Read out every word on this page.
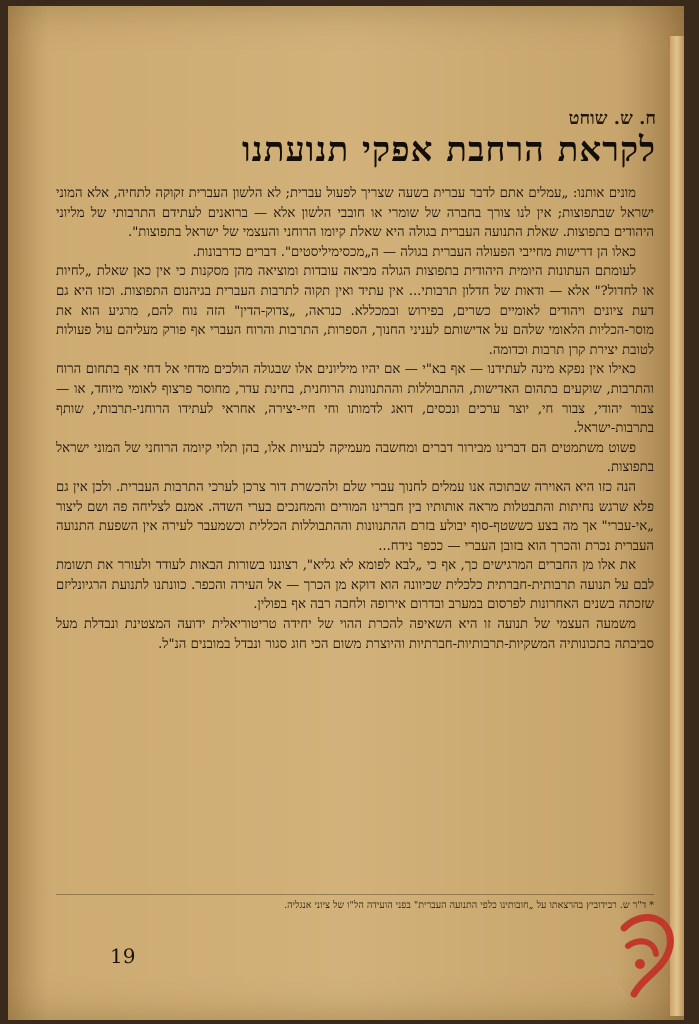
ח. ש. שוחט
לקראת הרחבת אפקי תנועתנו

מונים אותנו: „עמלים אתם לדבר עברית בשעה שצריך לפעול עברית; לא הלשון העברית זקוקה לתחיה, אלא המוני ישראל שבתפוצות; אין לנו צורך בחברה של שומרי או חובבי הלשון אלא — ברואנים לעתידם התרבותי של מליוני היהודים בתפוצות. שאלת התנועה העברית בגולה היא שאלת קיומו הרוחני והעצמי של ישראל בתפוצות".

כאלו הן דרישות מחייבי הפעולה העברית בגולה — ה„מכסימיליסטים". דברים כדרבונות.

לעומתם העתונות היומית היהודית בתפוצות הגולה מביאה עובדות ומוציאה מהן מסקנות כי אין כאן שאלת „לחיות או לחדול?" אלא — ודאות של חדלון תרבותי... אין עתיד ואין תקוה לתרבות העברית בגיהנום התפוצות. וכזו היא גם דעת ציונים ויהודים לאומיים כשרים, בפירוש ובמכללא. כנראה, „צדוק-הדין" הזה נוח להם, מרגיע הוא את מוסר-הכליות הלאומי שלהם על אדישותם לעניני החנוך, הספרות, התרבות והרוח העברי אף פורק מעליהם עול פעולות לטובת יצירת קרן תרבות וכדומה.

כאילו אין נפקא מינה לעתידנו — אף בא"י — אם יהיו מיליונים אלו שבגולה הולכים מדחי אל דחי אף בתחום הרוח והתרבות, שוקעים בתהום האדישות, ההתבוללות וההתנוונות הרוחנית, בחינת עדר, מחוסר פרצוף לאומי מיוחד, או — צבור יהודי, צבור חי, יוצר ערכים ונכסים, דואג לדמותו וחי חיי-יצירה, אחראי לעתידו הרוחני-תרבותי, שותף בתרבות-ישראל.

פשוט משתמטים הם דברינו מבירור דברים ומחשבה מעמיקה לבעיות אלו, בהן תלוי קיומה הרוחני של המוני ישראל בתפוצות.

הנה כזו היא האוירה שבתוכה אנו עמלים לחנוך עברי שלם ולהכשרת דור צרכן לערכי התרבות העברית. ולכן אין גם פלא שרגש נחיתות והתבטלות מראה אותותיו בין חברינו המורים והמחנכים בערי השדה. אמנם לצליחה פה ושם ליצור „אי-עברי" אך מה בצע כששטף-סוף יבולע בזרם ההתנוונות וההתבוללות הכללית וכשמעבר לעירה אין השפעת התנועה העברית נכרת והכרך הוא בזובן העברי — ככפר נידח...

את אלו מן החברים המרגישים כך, אף כי „לבא לפומא לא גליא", רצוננו בשורות הבאות לעודד ולעורר את תשומת לבם על תנועה תרבותית-חברתית כלכלית שכיוונה הוא דוקא מן הכרך — אל העירה והכפר. כוונתנו לתנועת הרגיונליזם שזכתה בשנים האחרונות לפרסום במערב ובדרום אירופה ולחבה רבה אף בפולין.

משמעה העצמי של תנועה זו היא השאיפה להכרת ההוי של יחידה טריטוריאלית ידועה המצטינת ונבדלת מעל סביבתה בתכונותיה המשקיות-תרבותיות-חברתיות והיוצרת משום הכי חוג סגור ונבדל במובנים הנ"ל.

* ד"ר ש. רבידוביץ בהרצאתו על „חובותינו כלפי התנועה העברית" בפני הועידה הל"ו של ציוני אנגליה.
19	הספרייה הלאומית
